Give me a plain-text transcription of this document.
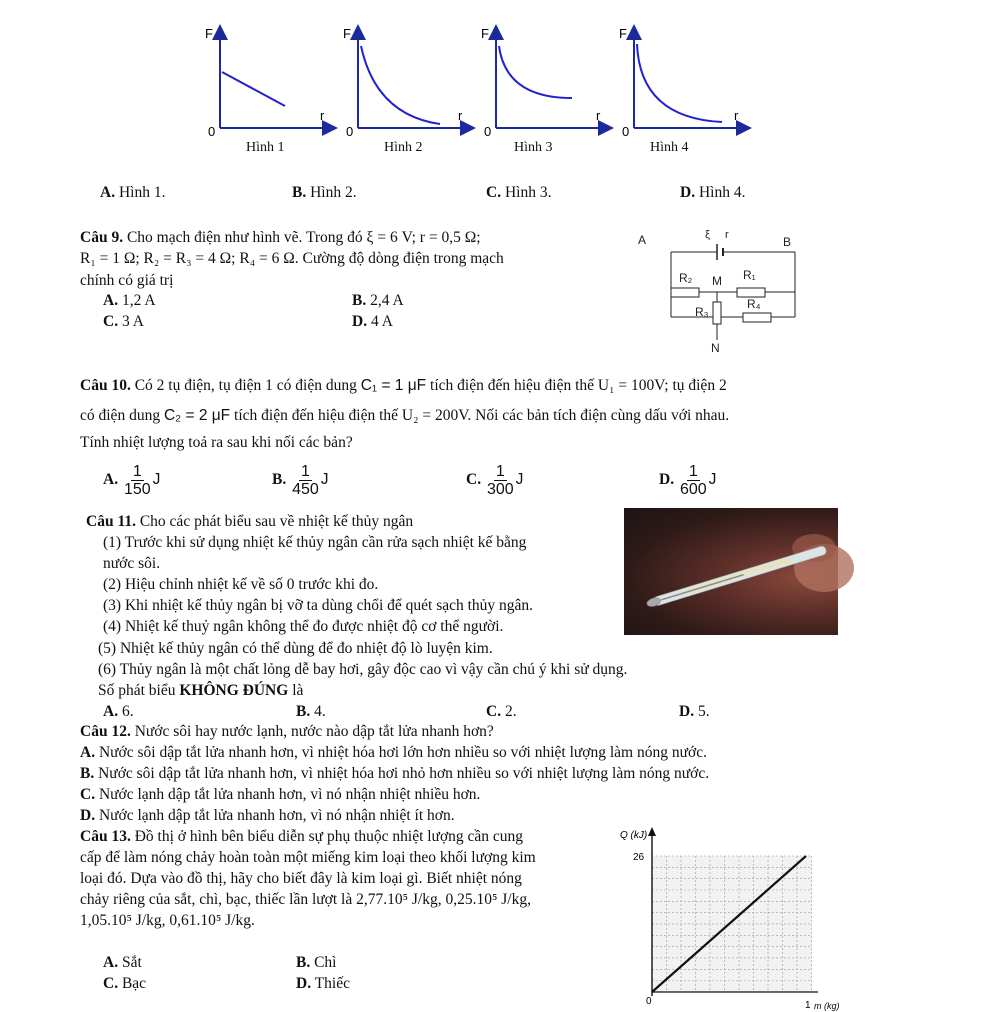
F
r
0
F
r
0
F
r
0
F
r
0
Hình 1	Hình 2	Hình 3	Hình 4
A. Hình 1.	B. Hình 2.	C. Hình 3.	D. Hình 4.
Câu 9. Cho mạch điện như hình vẽ. Trong đó ξ = 6 V; r = 0,5 Ω;
R₁ = 1 Ω; R₂ = R₃ = 4 Ω; R₄ = 6 Ω. Cường độ dòng điện trong mạch
chính có giá trị
A. 1,2 A	B. 2,4 A
C. 3 A	D. 4 A
A	B
ξ r
R₂ M R₁
R₃
R₄
N
Câu 10. Có 2 tụ điện, tụ điện 1 có điện dung C₁ = 1 μF tích điện đến hiệu điện thế U₁ = 100V; tụ điện 2
có điện dung C₂ = 2 μF tích điện đến hiệu điện thế U₂ = 200V. Nối các bản tích điện cùng dấu với nhau.
Tính nhiệt lượng toả ra sau khi nối các bản?
A. $\frac{1}{150}$ J	B. $\frac{1}{450}$ J	C. $\frac{1}{300}$ J	D. $\frac{1}{600}$ J
Câu 11. Cho các phát biểu sau về nhiệt kế thủy ngân
(1) Trước khi sử dụng nhiệt kế thủy ngân cần rửa sạch nhiệt kế bằng
nước sôi.
(2) Hiệu chỉnh nhiệt kế về số 0 trước khi đo.
(3) Khi nhiệt kế thủy ngân bị vỡ ta dùng chổi để quét sạch thủy ngân.
(4) Nhiệt kế thuỷ ngân không thể đo được nhiệt độ cơ thể người.
(5) Nhiệt kế thủy ngân có thể dùng để đo nhiệt độ lò luyện kim.
(6) Thủy ngân là một chất lỏng dễ bay hơi, gây độc cao vì vậy cần chú ý khi sử dụng.
Số phát biểu KHÔNG ĐÚNG là
A. 6.	B. 4.	C. 2.	D. 5.
Câu 12. Nước sôi hay nước lạnh, nước nào dập tắt lửa nhanh hơn?
A. Nước sôi dập tắt lửa nhanh hơn, vì nhiệt hóa hơi lớn hơn nhiều so với nhiệt lượng làm nóng nước.
B. Nước sôi dập tắt lửa nhanh hơn, vì nhiệt hóa hơi nhỏ hơn nhiều so với nhiệt lượng làm nóng nước.
C. Nước lạnh dập tắt lửa nhanh hơn, vì nó nhận nhiệt nhiều hơn.
D. Nước lạnh dập tắt lửa nhanh hơn, vì nó nhận nhiệt ít hơn.
Câu 13. Đồ thị ở hình bên biểu diễn sự phụ thuộc nhiệt lượng cần cung
cấp để làm nóng chảy hoàn toàn một miếng kim loại theo khối lượng kim
loại đó. Dựa vào đồ thị, hãy cho biết đây là kim loại gì. Biết nhiệt nóng
chảy riêng của sắt, chì, bạc, thiếc lần lượt là 2,77.10⁵ J/kg, 0,25.10⁵ J/kg,
1,05.10⁵ J/kg, 0,61.10⁵ J/kg.
A. Sắt	B. Chì
C. Bạc	D. Thiếc
Q (kJ)
26
0	1 m (kg)
